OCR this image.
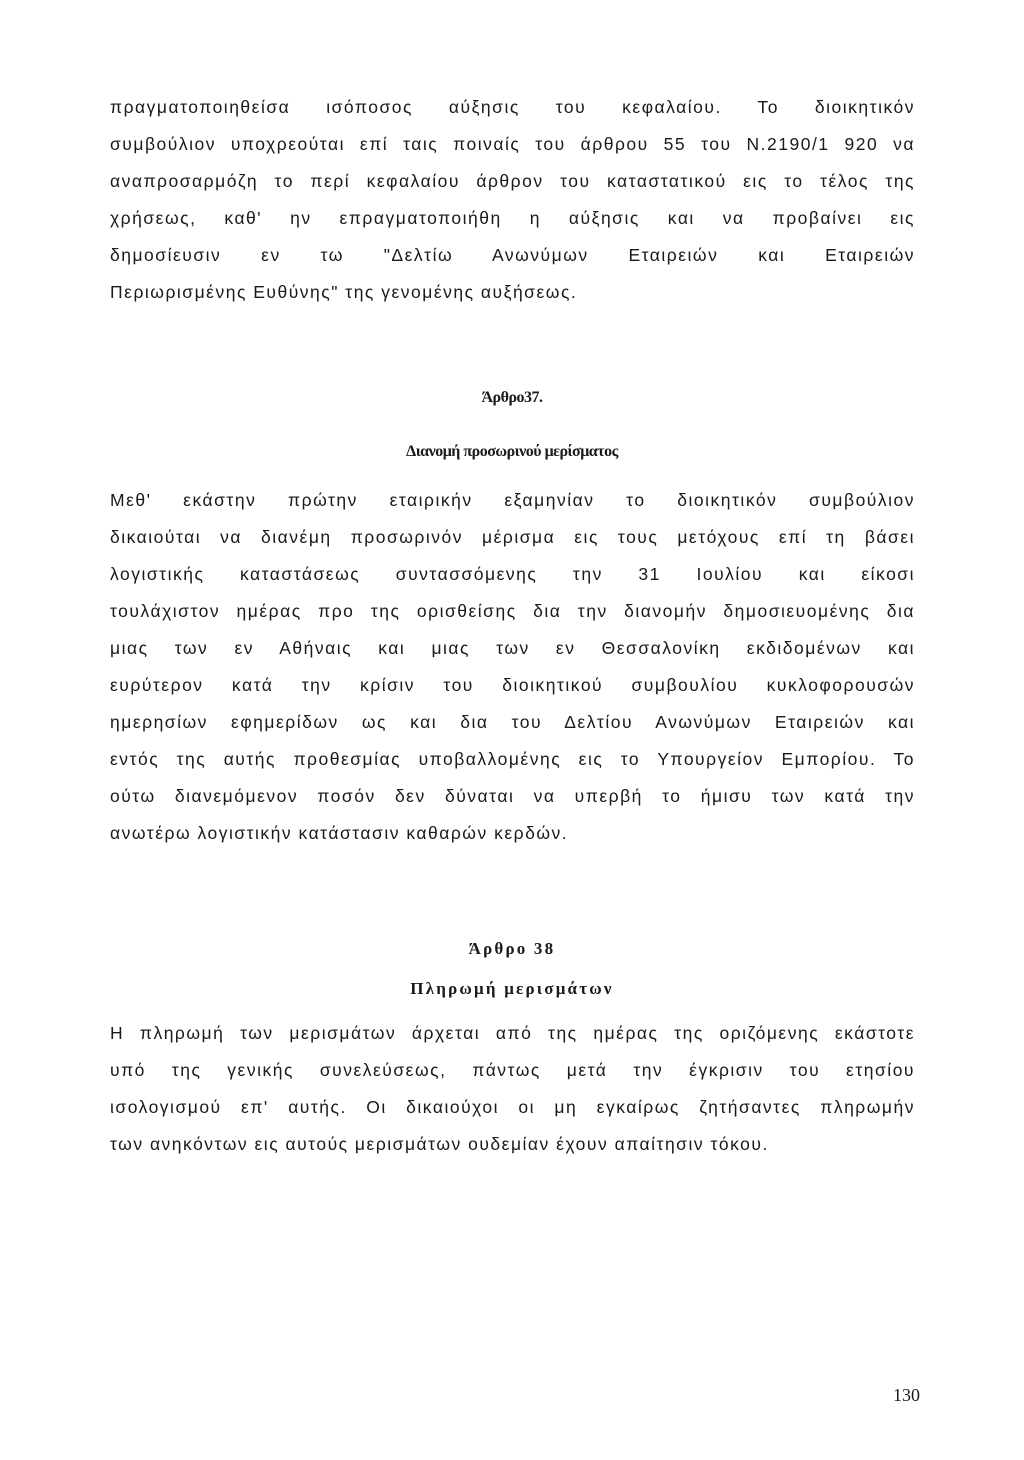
πραγματοποιηθείσα ισόποσος αύξησις του κεφαλαίου. Το διοικητικόν
συμβούλιον υποχρεούται επί ταις ποιναίς του άρθρου 55 του Ν.2190/1 920 να
αναπροσαρμόζη το περί κεφαλαίου άρθρον του καταστατικού εις το τέλος της
χρήσεως, καθ' ην επραγματοποιήθη η αύξησις και να προβαίνει εις
δημοσίευσιν εν τω "Δελτίω Ανωνύμων Εταιρειών και Εταιρειών
Περιωρισμένης Ευθύνης" της γενομένης αυξήσεως.
Άρθρο37.
Διανομή προσωρινού μερίσματος
Μεθ' εκάστην πρώτην εταιρικήν εξαμηνίαν το διοικητικόν συμβούλιον
δικαιούται να διανέμη προσωρινόν μέρισμα εις τους μετόχους επί τη βάσει
λογιστικής καταστάσεως συντασσόμενης την 31 Ιουλίου και είκοσι
τουλάχιστον ημέρας προ της ορισθείσης δια την διανομήν δημοσιευομένης δια
μιας των εν Αθήναις και μιας των εν Θεσσαλονίκη εκδιδομένων και
ευρύτερον κατά την κρίσιν του διοικητικού συμβουλίου κυκλοφορουσών
ημερησίων εφημερίδων ως και δια του Δελτίου Ανωνύμων Εταιρειών και
εντός της αυτής προθεσμίας υποβαλλομένης εις το Υπουργείον Εμπορίου. Το
ούτω διανεμόμενον ποσόν δεν δύναται να υπερβή το ήμισυ των κατά την
ανωτέρω λογιστικήν κατάστασιν καθαρών κερδών.
Άρθρο 38
Πληρωμή μερισμάτων
Η πληρωμή των μερισμάτων άρχεται από της ημέρας της οριζόμενης εκάστοτε
υπό της γενικής συνελεύσεως, πάντως μετά την έγκρισιν του ετησίου
ισολογισμού επ' αυτής. Οι δικαιούχοι οι μη εγκαίρως ζητήσαντες πληρωμήν
των ανηκόντων εις αυτούς μερισμάτων ουδεμίαν έχουν απαίτησιν τόκου.
130
